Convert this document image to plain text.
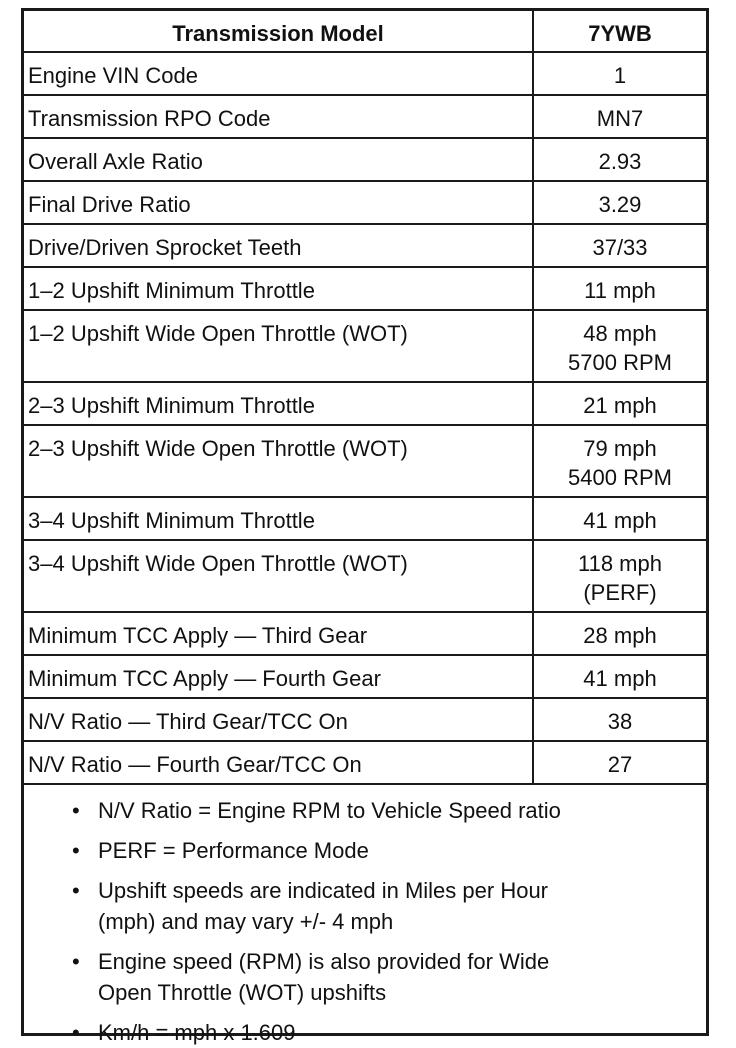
Transmission Model	7YWB
Engine VIN Code	1

Transmission RPO Code	MN7

Overall Axle Ratio	2.93

Final Drive Ratio	3.29

Drive/Driven Sprocket Teeth	37/33

1–2 Upshift Minimum Throttle	11 mph

1–2 Upshift Wide Open Throttle (WOT)	48 mph
5700 RPM

2–3 Upshift Minimum Throttle	21 mph

2–3 Upshift Wide Open Throttle (WOT)	79 mph
5400 RPM

3–4 Upshift Minimum Throttle	41 mph

3–4 Upshift Wide Open Throttle (WOT)	118 mph
(PERF)

Minimum TCC Apply — Third Gear	28 mph

Minimum TCC Apply — Fourth Gear	41 mph

N/V Ratio — Third Gear/TCC On	38

N/V Ratio — Fourth Gear/TCC On	27
• N/V Ratio = Engine RPM to Vehicle Speed ratio
• PERF = Performance Mode
• Upshift speeds are indicated in Miles per Hour
(mph) and may vary +/- 4 mph
• Engine speed (RPM) is also provided for Wide
Open Throttle (WOT) upshifts
• Km/h = mph x 1.609
